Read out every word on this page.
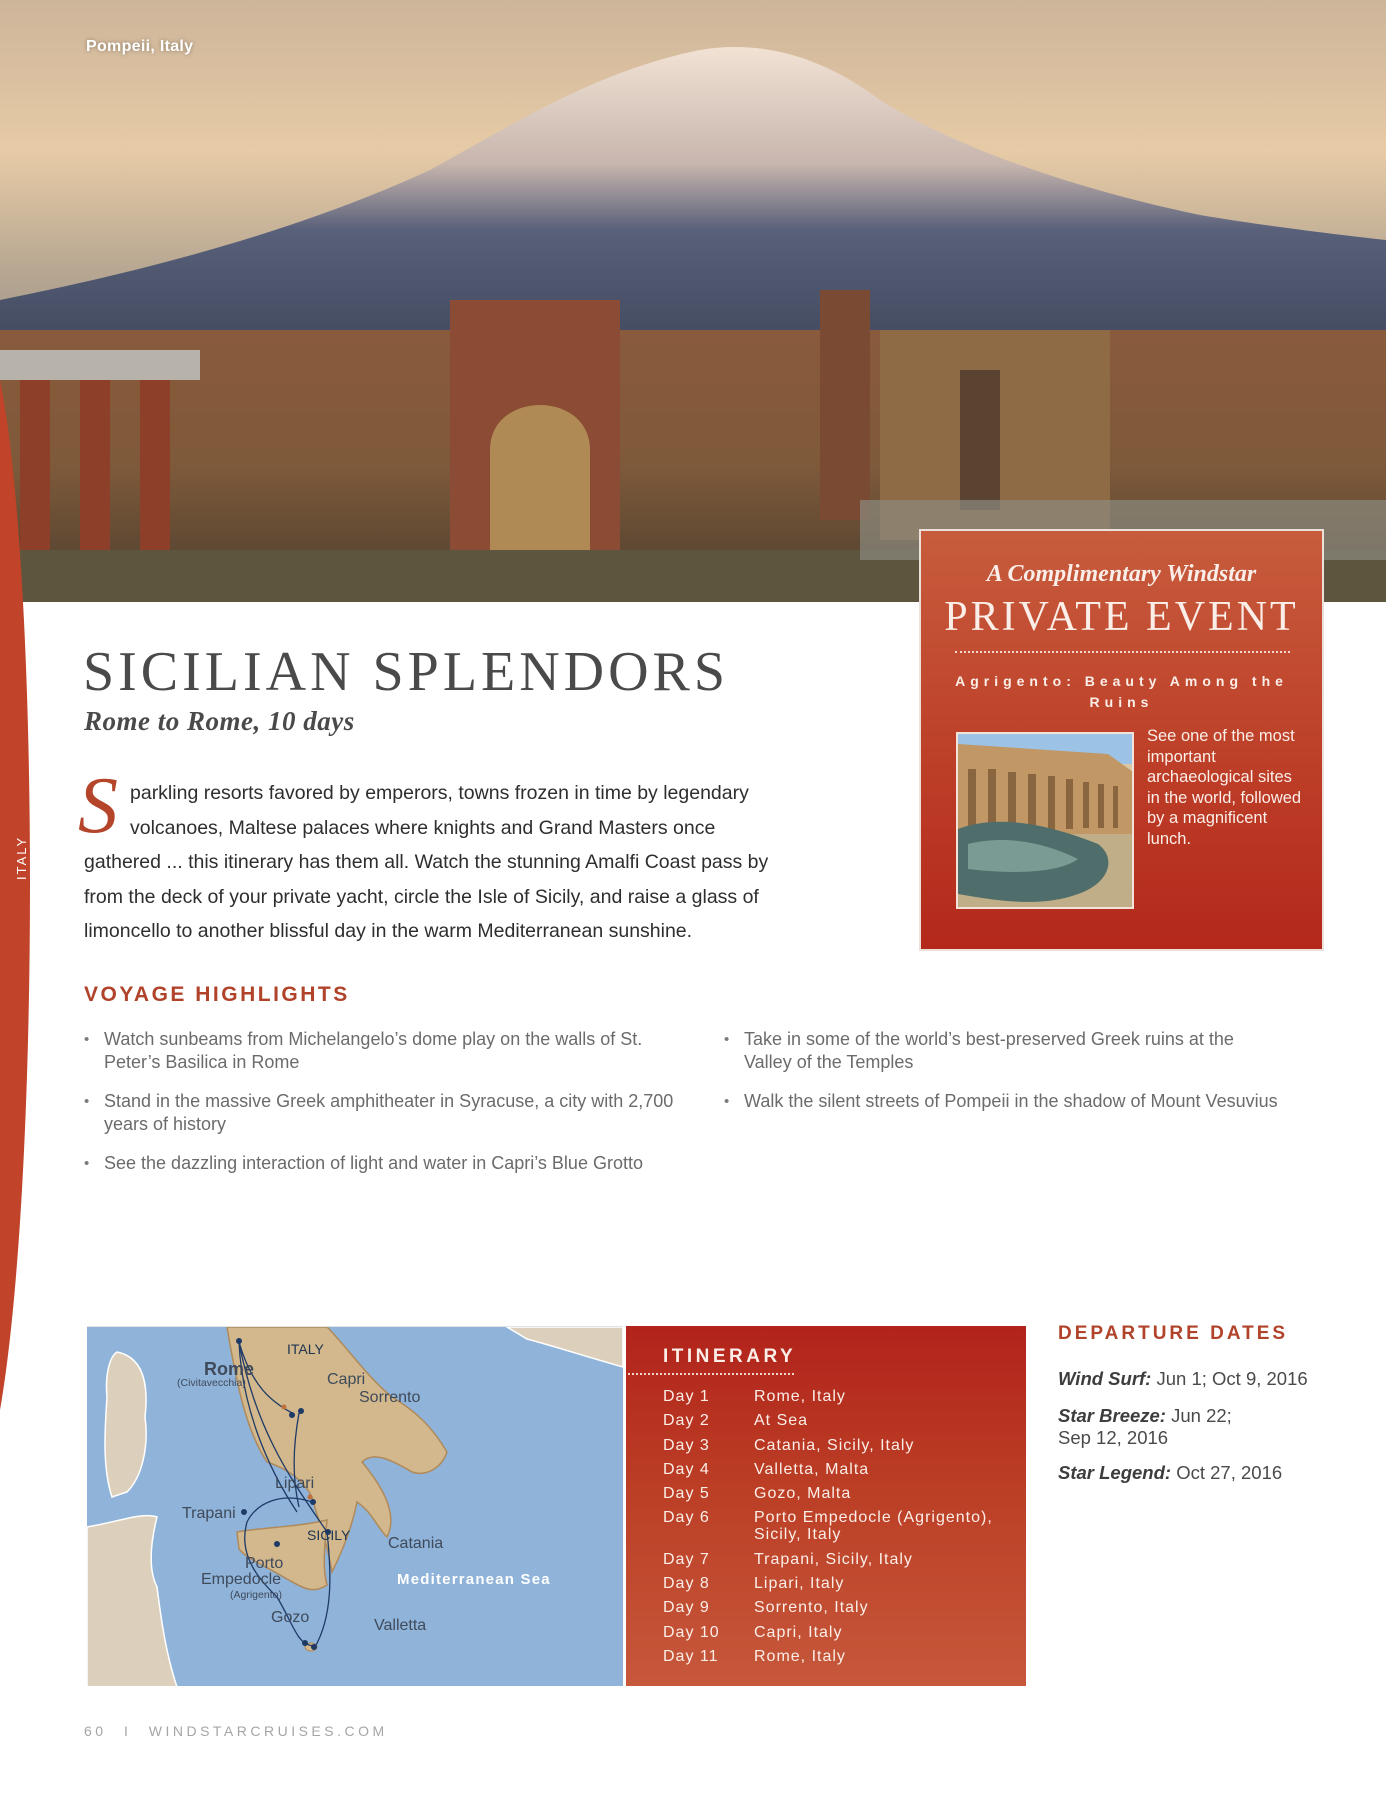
Pompeii, Italy
ITALY
SICILIAN SPLENDORS
Rome to Rome, 10 days
S parkling resorts favored by emperors, towns frozen in time by legendary
volcanoes, Maltese palaces where knights and Grand Masters once
gathered ... this itinerary has them all. Watch the stunning Amalfi Coast pass by
from the deck of your private yacht, circle the Isle of Sicily, and raise a glass of
limoncello to another blissful day in the warm Mediterranean sunshine.
VOYAGE HIGHLIGHTS
• Watch sunbeams from Michelangelo’s dome play on the walls of St. Peter’s Basilica in Rome
• Stand in the massive Greek amphitheater in Syracuse, a city with 2,700 years of history
• See the dazzling interaction of light and water in Capri’s Blue Grotto
• Take in some of the world’s best-preserved Greek ruins at the Valley of the Temples
• Walk the silent streets of Pompeii in the shadow of Mount Vesuvius
A Complimentary Windstar
PRIVATE EVENT
Agrigento: Beauty Among the Ruins
See one of the most important archaeological sites in the world, followed by a magnificent lunch.
ITALY
Rome
(Civitavecchia)	Capri
Sorrento
Lipari
Trapani
SICILY Catania
Porto
Empedocle
(Agrigento)
Gozo	Valletta
Mediterranean Sea
ITINERARY
Day 1	Rome, Italy
Day 2	At Sea
Day 3	Catania, Sicily, Italy
Day 4	Valletta, Malta
Day 5	Gozo, Malta
Day 6	Porto Empedocle (Agrigento), Sicily, Italy
Day 7	Trapani, Sicily, Italy
Day 8	Lipari, Italy
Day 9	Sorrento, Italy
Day 10	Capri, Italy
Day 11	Rome, Italy
DEPARTURE DATES
Wind Surf: Jun 1; Oct 9, 2016
Star Breeze: Jun 22; Sep 12, 2016
Star Legend: Oct 27, 2016
60 I WINDSTARCRUISES.COM
